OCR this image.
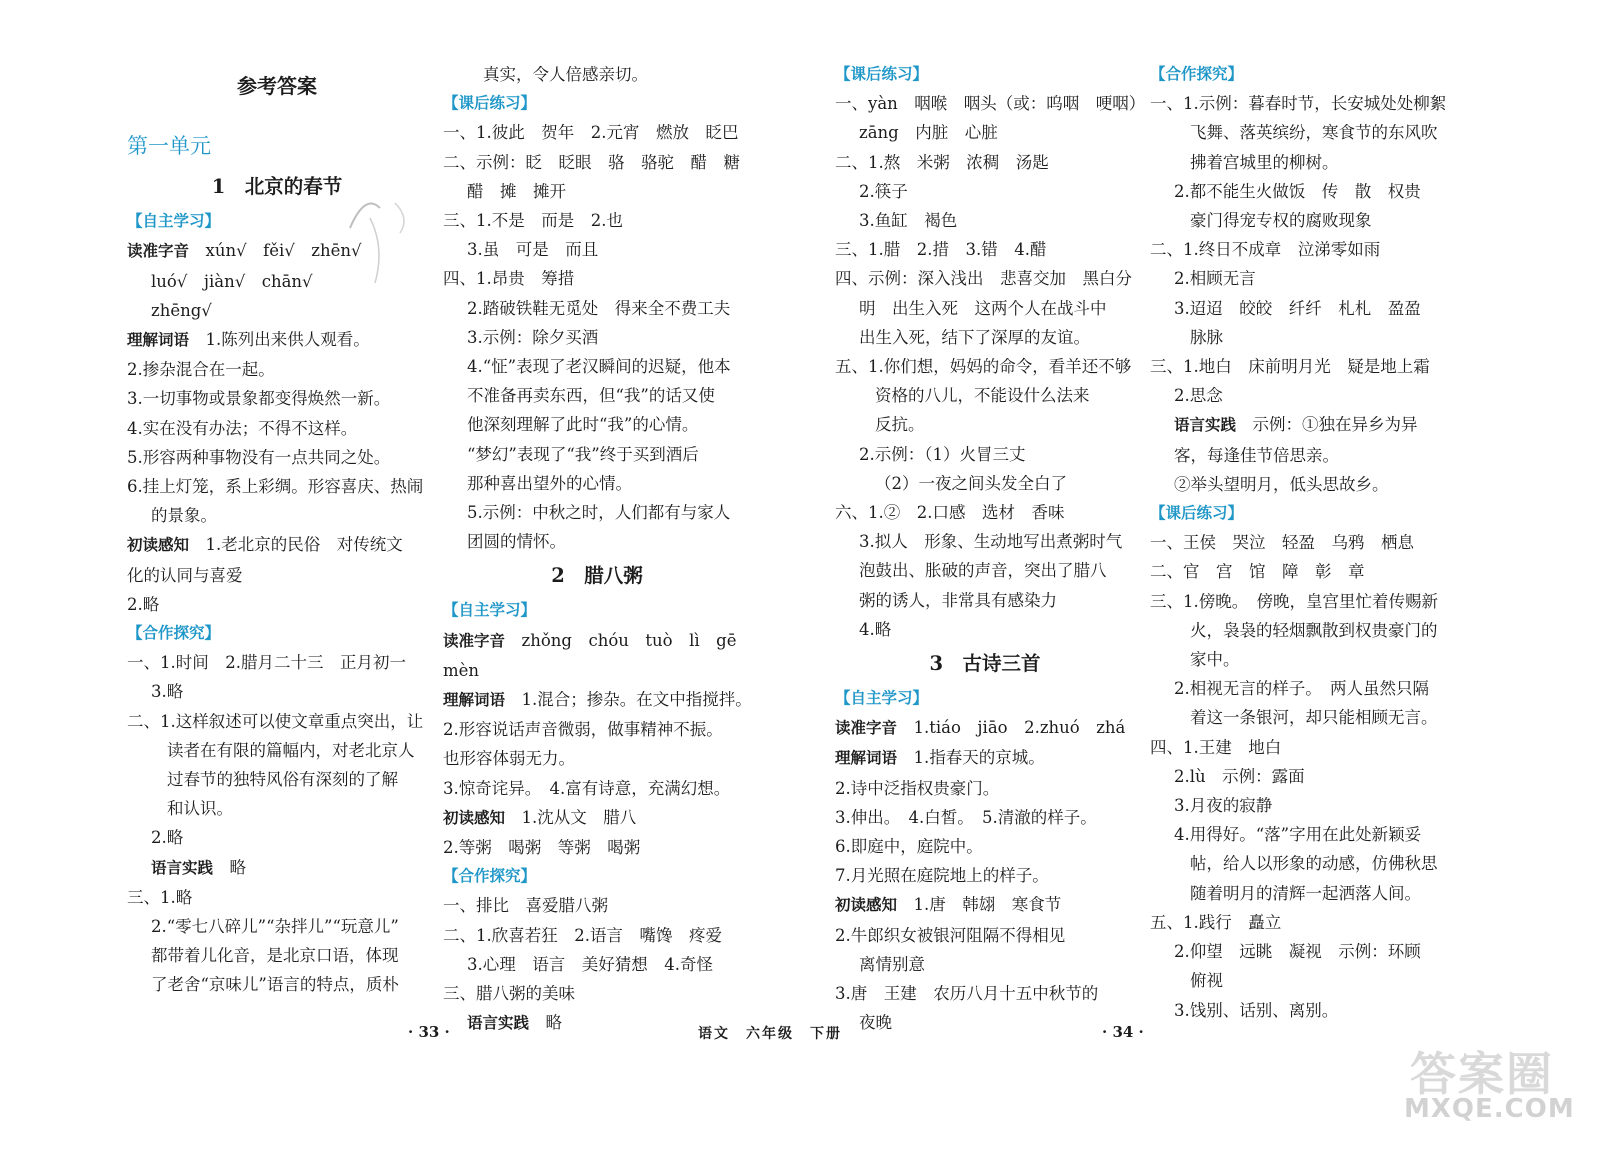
参考答案
第一单元
1　北京的春节
【自主学习】
读准字音　xún√　fěi√　zhēn√
luó√　jiàn√　chān√
zhēng√
理解词语　1.陈列出来供人观看。
2.掺杂混合在一起。
3.一切事物或景象都变得焕然一新。
4.实在没有办法；不得不这样。
5.形容两种事物没有一点共同之处。
6.挂上灯笼，系上彩绸。形容喜庆、热闹
的景象。
初读感知　1.老北京的民俗　对传统文
化的认同与喜爱
2.略
【合作探究】
一、1.时间　2.腊月二十三　正月初一
3.略
二、1.这样叙述可以使文章重点突出，让
读者在有限的篇幅内，对老北京人
过春节的独特风俗有深刻的了解
和认识。
2.略
语言实践　略
三、1.略
2.“零七八碎儿”“杂拌儿”“玩意儿”
都带着儿化音，是北京口语，体现
了老舍“京味儿”语言的特点，质朴
真实，令人倍感亲切。
【课后练习】
一、1.彼此　贺年　2.元宵　燃放　眨巴
二、示例：眨　眨眼　骆　骆驼　醋　糖
醋　摊　摊开
三、1.不是　而是　2.也
3.虽　可是　而且
四、1.昂贵　筹措
2.踏破铁鞋无觅处　得来全不费工夫
3.示例：除夕买酒
4.“怔”表现了老汉瞬间的迟疑，他本
不准备再卖东西，但“我”的话又使
他深刻理解了此时“我”的心情。
“梦幻”表现了“我”终于买到酒后
那种喜出望外的心情。
5.示例：中秋之时，人们都有与家人
团圆的情怀。
2　腊八粥
【自主学习】
读准字音　zhǒng　chóu　tuò　lì　gē
mèn
理解词语　1.混合；掺杂。在文中指搅拌。
2.形容说话声音微弱，做事精神不振。
也形容体弱无力。
3.惊奇诧异。　4.富有诗意，充满幻想。
初读感知　1.沈从文　腊八
2.等粥　喝粥　等粥　喝粥
【合作探究】
一、排比　喜爱腊八粥
二、1.欣喜若狂　2.语言　嘴馋　疼爱
3.心理　语言　美好猜想　4.奇怪
三、腊八粥的美味
语言实践　略
【课后练习】
一、yàn　咽喉　咽头（或：呜咽　哽咽）
zāng　内脏　心脏
二、1.熬　米粥　浓稠　汤匙
2.筷子
3.鱼缸　褐色
三、1.腊　2.措　3.错　4.醋
四、示例：深入浅出　悲喜交加　黑白分
明　出生入死　这两个人在战斗中
出生入死，结下了深厚的友谊。
五、1.你们想，妈妈的命令，看羊还不够
资格的八儿，不能设什么法来
反抗。
2.示例：（1）火冒三丈
（2）一夜之间头发全白了
六、1.②　2.口感　选材　香味
3.拟人　形象、生动地写出煮粥时气
泡鼓出、胀破的声音，突出了腊八
粥的诱人，非常具有感染力
4.略
3　古诗三首
【自主学习】
读准字音　1.tiáo　jiāo　2.zhuó　zhá
理解词语　1.指春天的京城。
2.诗中泛指权贵豪门。
3.伸出。　4.白皙。　5.清澈的样子。
6.即庭中，庭院中。
7.月光照在庭院地上的样子。
初读感知　1.唐　韩翃　寒食节
2.牛郎织女被银河阻隔不得相见
离情别意
3.唐　王建　农历八月十五中秋节的
夜晚
【合作探究】
一、1.示例：暮春时节，长安城处处柳絮
飞舞、落英缤纷，寒食节的东风吹
拂着宫城里的柳树。
2.都不能生火做饭　传　散　权贵
豪门得宠专权的腐败现象
二、1.终日不成章　泣涕零如雨
2.相顾无言
3.迢迢　皎皎　纤纤　札札　盈盈
脉脉
三、1.地白　床前明月光　疑是地上霜
2.思念
语言实践　示例：①独在异乡为异
客，每逢佳节倍思亲。
②举头望明月，低头思故乡。
【课后练习】
一、王侯　哭泣　轻盈　乌鸦　栖息
二、官　宫　馆　障　彰　章
三、1.傍晚。　傍晚，皇宫里忙着传赐新
火，袅袅的轻烟飘散到权贵豪门的
家中。
2.相视无言的样子。　两人虽然只隔
着这一条银河，却只能相顾无言。
四、1.王建　地白
2.lù　示例：露面
3.月夜的寂静
4.用得好。“落”字用在此处新颖妥
帖，给人以形象的动感，仿佛秋思
随着明月的清辉一起洒落人间。
五、1.践行　矗立
2.仰望　远眺　凝视　示例：环顾
俯视
3.饯别、话别、离别。
· 33 ·	语文　六年级　下册	· 34 ·
答案圈
MXQE.COM
